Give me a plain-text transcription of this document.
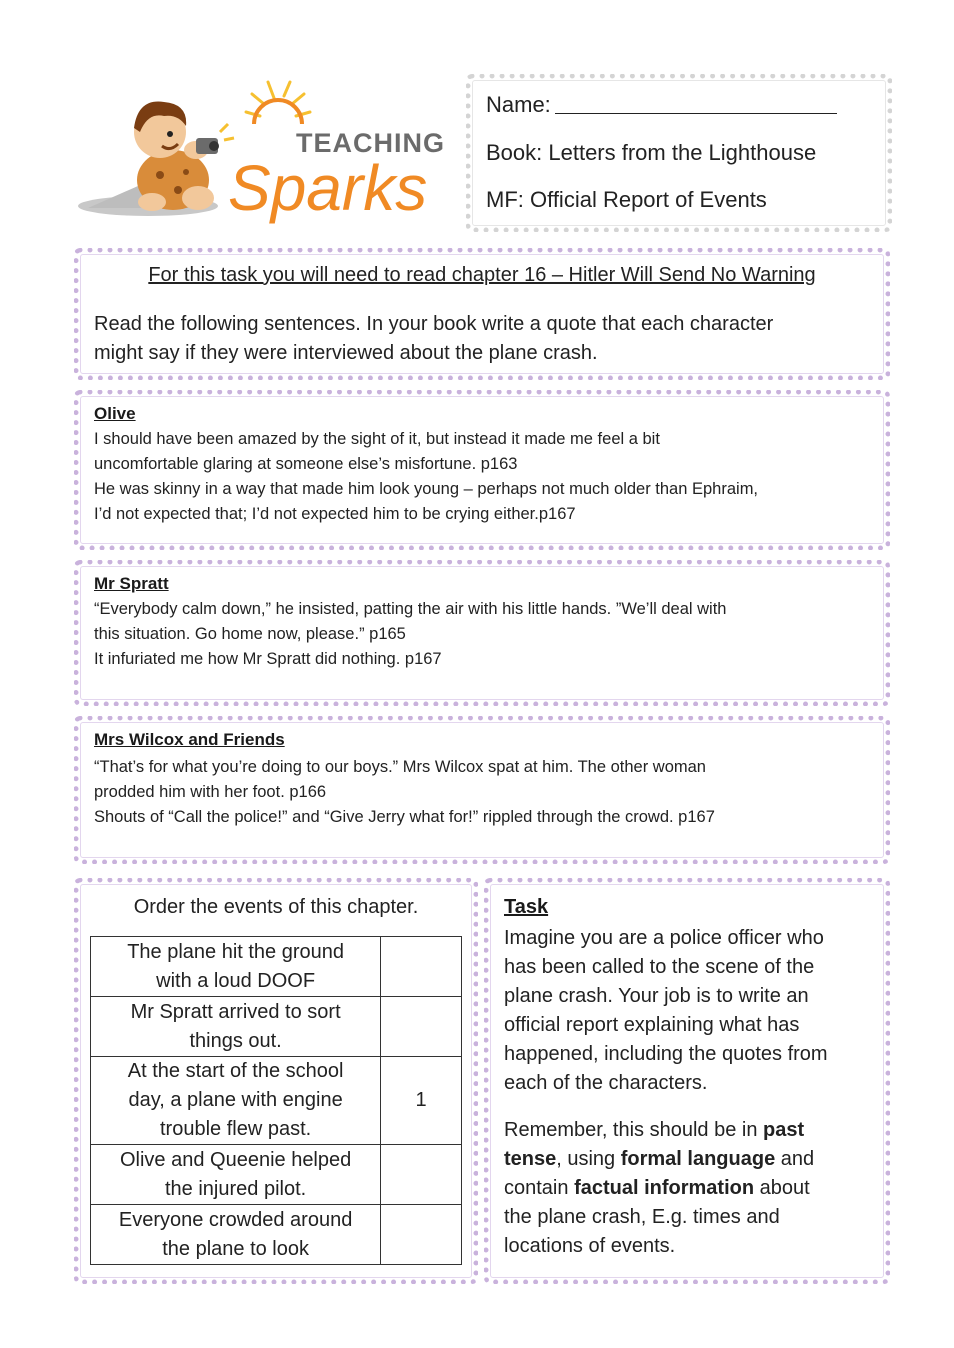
TEACHING
Sparks
Name:
Book: Letters from the Lighthouse
MF: Official Report of Events
For this task you will need to read chapter 16 – Hitler Will Send No Warning
Read the following sentences. In your book write a quote that each character
might say if they were interviewed about the plane crash.
Olive
I should have been amazed by the sight of it, but instead it made me feel a bit
uncomfortable glaring at someone else’s misfortune. p163
He was skinny in a way that made him look young – perhaps not much older than Ephraim,
I’d not expected that; I’d not expected him to be crying either.p167
Mr Spratt
“Everybody calm down,” he insisted, patting the air with his little hands. ”We’ll deal with
this situation. Go home now, please.” p165
It infuriated me how Mr Spratt did nothing. p167
Mrs Wilcox and Friends
“That’s for what you’re doing to our boys.” Mrs Wilcox spat at him. The other woman
prodded him with her foot. p166
Shouts of “Call the police!” and “Give Jerry what for!” rippled through the crowd. p167
Order the events of this chapter.
The plane hit the ground
with a loud DOOF	

Mr Spratt arrived to sort
things out.	

At the start of the school
day, a plane with engine
trouble flew past.	1

Olive and Queenie helped
the injured pilot.	

Everyone crowded around
the plane to look	

Task
Imagine you are a police officer who
has been called to the scene of the
plane crash. Your job is to write an
official report explaining what has
happened, including the quotes from
each of the characters.
Remember, this should be in past
tense, using formal language and
contain factual information about
the plane crash, E.g. times and
locations of events.
